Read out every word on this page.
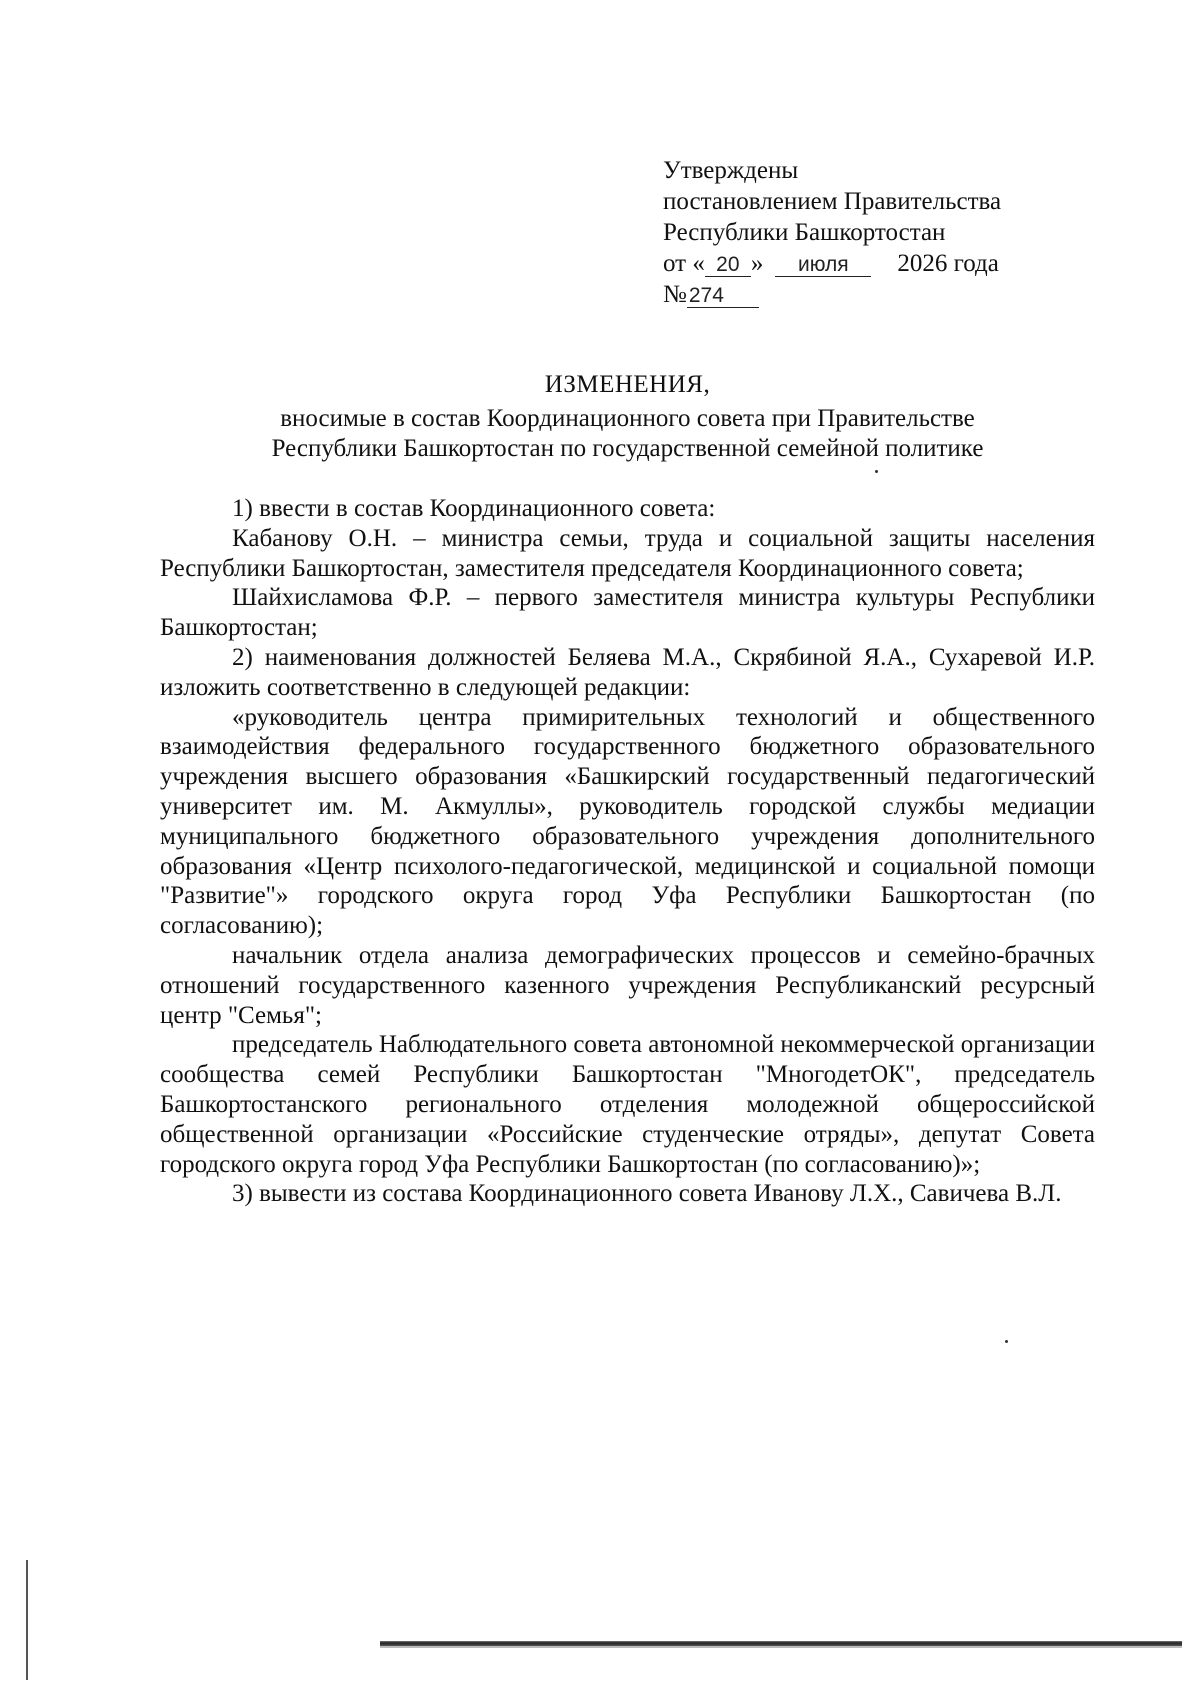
Утверждены
постановлением Правительства
Республики Башкортостан
от « 20 » июля 2026 года
№274
ИЗМЕНЕНИЯ,
вносимые в состав Координационного совета при Правительстве
Республики Башкортостан по государственной семейной политике

1) ввести в состав Координационного совета:

Кабанову О.Н. – министра семьи, труда и социальной защиты населения Республики Башкортостан, заместителя председателя Координационного совета;

Шайхисламова Ф.Р. – первого заместителя министра культуры Республики Башкортостан;

2) наименования должностей Беляева М.А., Скрябиной Я.А., Сухаревой И.Р. изложить соответственно в следующей редакции:

«руководитель центра примирительных технологий и общественного взаимодействия федерального государственного бюджетного образовательного учреждения высшего образования «Башкирский государственный педагогический университет им. М. Акмуллы», руководитель городской службы медиации муниципального бюджетного образовательного учреждения дополнительного образования «Центр психолого-педагогической, медицинской и социальной помощи "Развитие"» городского округа город Уфа Республики Башкортостан (по согласованию);

начальник отдела анализа демографических процессов и семейно-брачных отношений государственного казенного учреждения Республиканский ресурсный центр "Семья";

председатель Наблюдательного совета автономной некоммерческой организации сообщества семей Республики Башкортостан "МногодетОК", председатель Башкортостанского регионального отделения молодежной общероссийской общественной организации «Российские студенческие отряды», депутат Совета городского округа город Уфа Республики Башкортостан (по согласованию)»;

3) вывести из состава Координационного совета Иванову Л.Х., Савичева В.Л.
